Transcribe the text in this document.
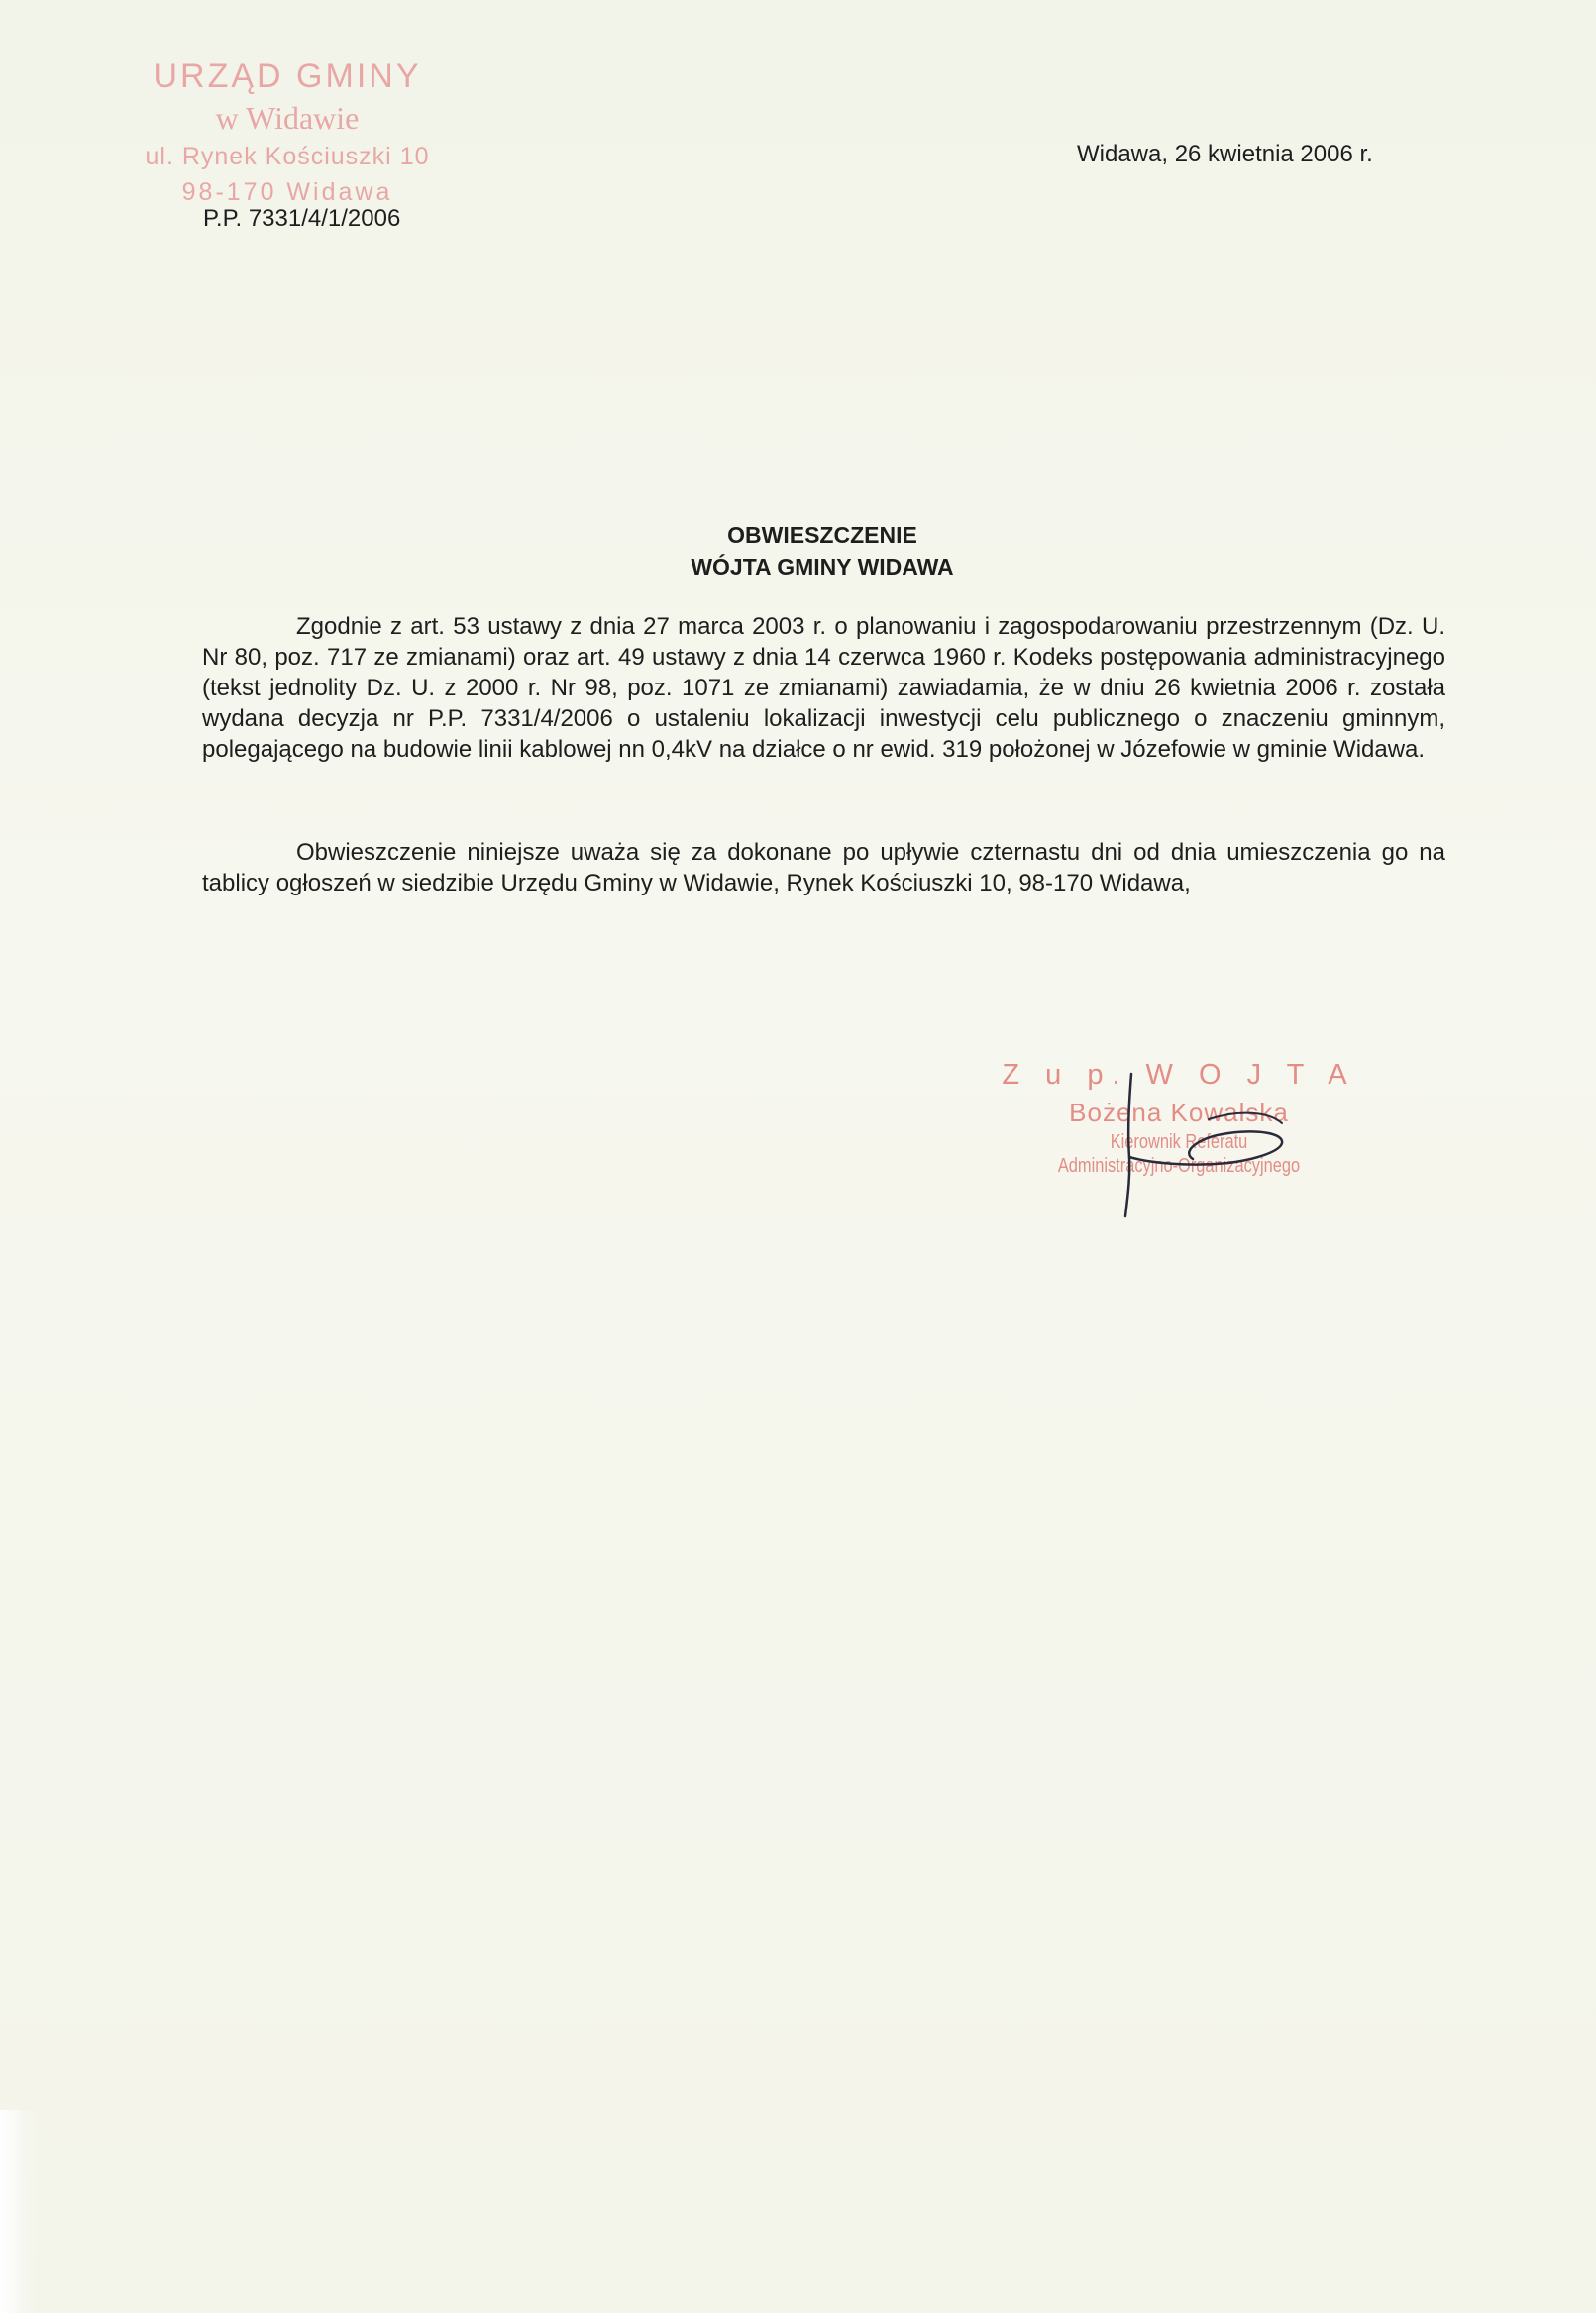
URZĄD GMINY
w Widawie
ul. Rynek Kościuszki 10
98-170 Widawa

P.P. 7331/4/1/2006

Widawa, 26 kwietnia 2006 r.

OBWIESZCZENIE
WÓJTA GMINY WIDAWA

Zgodnie z art. 53 ustawy z dnia 27 marca 2003 r. o planowaniu i zagospodarowaniu przestrzennym (Dz. U. Nr 80, poz. 717 ze zmianami) oraz art. 49 ustawy z dnia 14 czerwca 1960 r. Kodeks postępowania administracyjnego (tekst jednolity Dz. U. z 2000 r. Nr 98, poz. 1071 ze zmianami) zawiadamia, że w dniu 26 kwietnia 2006 r. została wydana decyzja nr P.P. 7331/4/2006 o ustaleniu lokalizacji inwestycji celu publicznego o znaczeniu gminnym, polegającego na budowie linii kablowej nn 0,4kV na działce o nr ewid. 319 położonej w Józefowie w gminie Widawa.

Obwieszczenie niniejsze uważa się za dokonane po upływie czternastu dni od dnia umieszczenia go na tablicy ogłoszeń w siedzibie Urzędu Gminy w Widawie, Rynek Kościuszki 10, 98-170 Widawa,

Z u p. W O J T A
Bożena Kowalska
Kierownik Referatu
Administracyjno-Organizacyjnego
